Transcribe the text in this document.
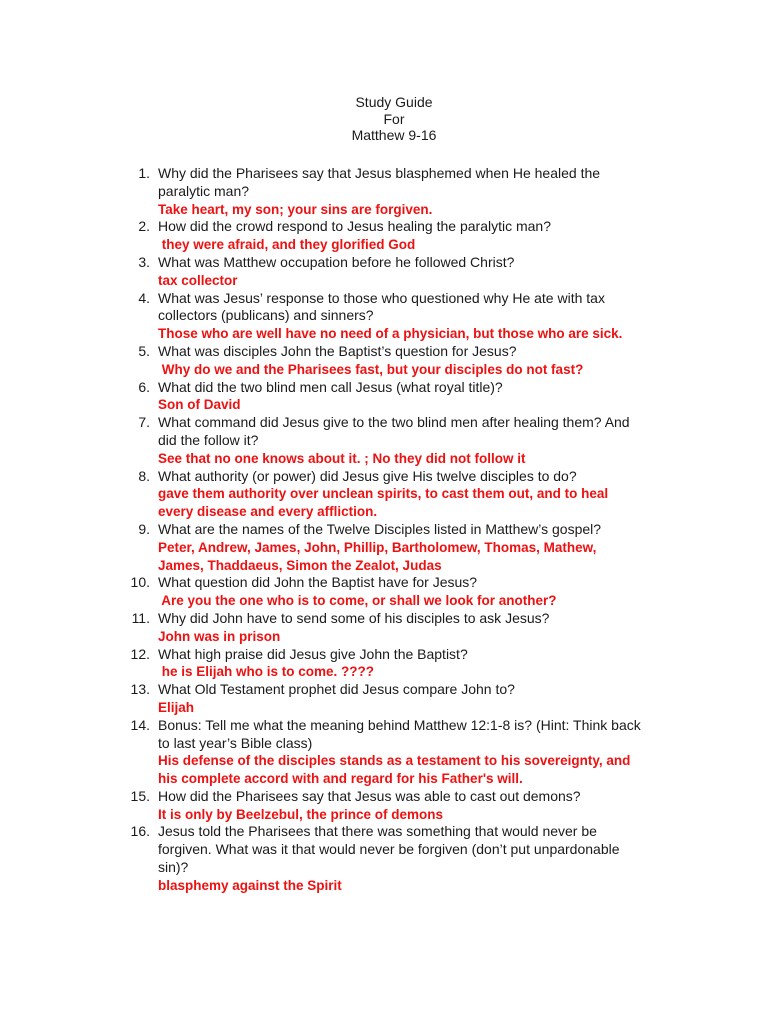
Study Guide
For
Matthew 9-16
1. Why did the Pharisees say that Jesus blasphemed when He healed the paralytic man?
Take heart, my son; your sins are forgiven.
2. How did the crowd respond to Jesus healing the paralytic man?
they were afraid, and they glorified God
3. What was Matthew occupation before he followed Christ?
tax collector
4. What was Jesus’ response to those who questioned why He ate with tax collectors (publicans) and sinners?
Those who are well have no need of a physician, but those who are sick.
5. What was disciples John the Baptist’s question for Jesus?
Why do we and the Pharisees fast, but your disciples do not fast?
6. What did the two blind men call Jesus (what royal title)?
Son of David
7. What command did Jesus give to the two blind men after healing them? And did the follow it?
See that no one knows about it. ; No they did not follow it
8. What authority (or power) did Jesus give His twelve disciples to do?
gave them authority over unclean spirits, to cast them out, and to heal every disease and every affliction.
9. What are the names of the Twelve Disciples listed in Matthew’s gospel?
Peter, Andrew, James, John, Phillip, Bartholomew, Thomas, Mathew, James, Thaddaeus, Simon the Zealot, Judas
10. What question did John the Baptist have for Jesus?
Are you the one who is to come, or shall we look for another?
11. Why did John have to send some of his disciples to ask Jesus?
John was in prison
12. What high praise did Jesus give John the Baptist?
he is Elijah who is to come. ????
13. What Old Testament prophet did Jesus compare John to?
Elijah
14. Bonus: Tell me what the meaning behind Matthew 12:1-8 is? (Hint: Think back to last year’s Bible class)
His defense of the disciples stands as a testament to his sovereignty, and his complete accord with and regard for his Father's will.
15. How did the Pharisees say that Jesus was able to cast out demons?
It is only by Beelzebul, the prince of demons
16. Jesus told the Pharisees that there was something that would never be forgiven. What was it that would never be forgiven (don’t put unpardonable sin)?
blasphemy against the Spirit
